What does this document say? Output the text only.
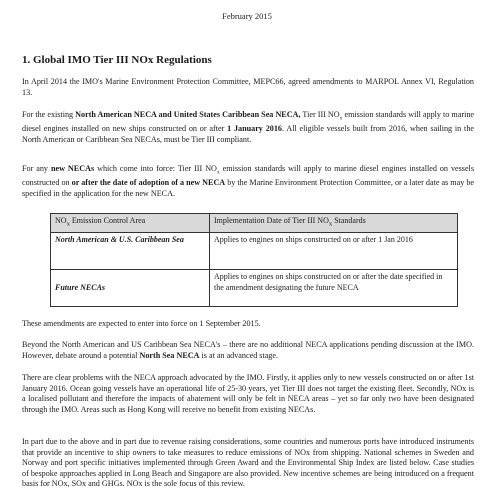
February 2015
1. Global IMO Tier III NOx Regulations

In April 2014 the IMO's Marine Environment Protection Committee, MEPC66, agreed amendments to MARPOL Annex VI, Regulation 13.

For the existing North American NECA and United States Caribbean Sea NECA, Tier III $NO_x$ emission standards will apply to marine diesel engines installed on new ships constructed on or after 1 January 2016. All eligible vessels built from 2016, when sailing in the North American or Caribbean Sea NECAs, must be Tier III compliant.

For any new NECAs which come into force: Tier III $NO_x$ emission standards will apply to marine diesel engines installed on vessels constructed on or after the date of adoption of a new NECA by the Marine Environment Protection Committee, or a later date as may be specified in the application for the new NECA.

$NO_x$ Emission Control Area	Implementation Date of Tier III $NO_x$ Standards
North American & U.S. Caribbean Sea	Applies to engines on ships constructed on or after 1 Jan 2016
Future NECAs	Applies to engines on ships constructed on or after the date specified in the amendment designating the future NECA

These amendments are expected to enter into force on 1 September 2015.

Beyond the North American and US Caribbean Sea NECA's – there are no additional NECA applications pending discussion at the IMO. However, debate around a potential North Sea NECA is at an advanced stage.

There are clear problems with the NECA approach advocated by the IMO. Firstly, it applies only to new vessels constructed on or after 1st January 2016. Ocean going vessels have an operational life of 25-30 years, yet Tier III does not target the existing fleet. Secondly, NOx is a localised pollutant and therefore the impacts of abatement will only be felt in NECA areas – yet so far only two have been designated through the IMO. Areas such as Hong Kong will receive no benefit from existing NECAs.

In part due to the above and in part due to revenue raising considerations, some countries and numerous ports have introduced instruments that provide an incentive to ship owners to take measures to reduce emissions of NOx from shipping. National schemes in Sweden and Norway and port specific initiatives implemented through Green Award and the Environmental Ship Index are listed below. Case studies of bespoke approaches applied in Long Beach and Singapore are also provided. New incentive schemes are being introduced on a frequent basis for NOx, SOx and GHGs. NOx is the sole focus of this review.
